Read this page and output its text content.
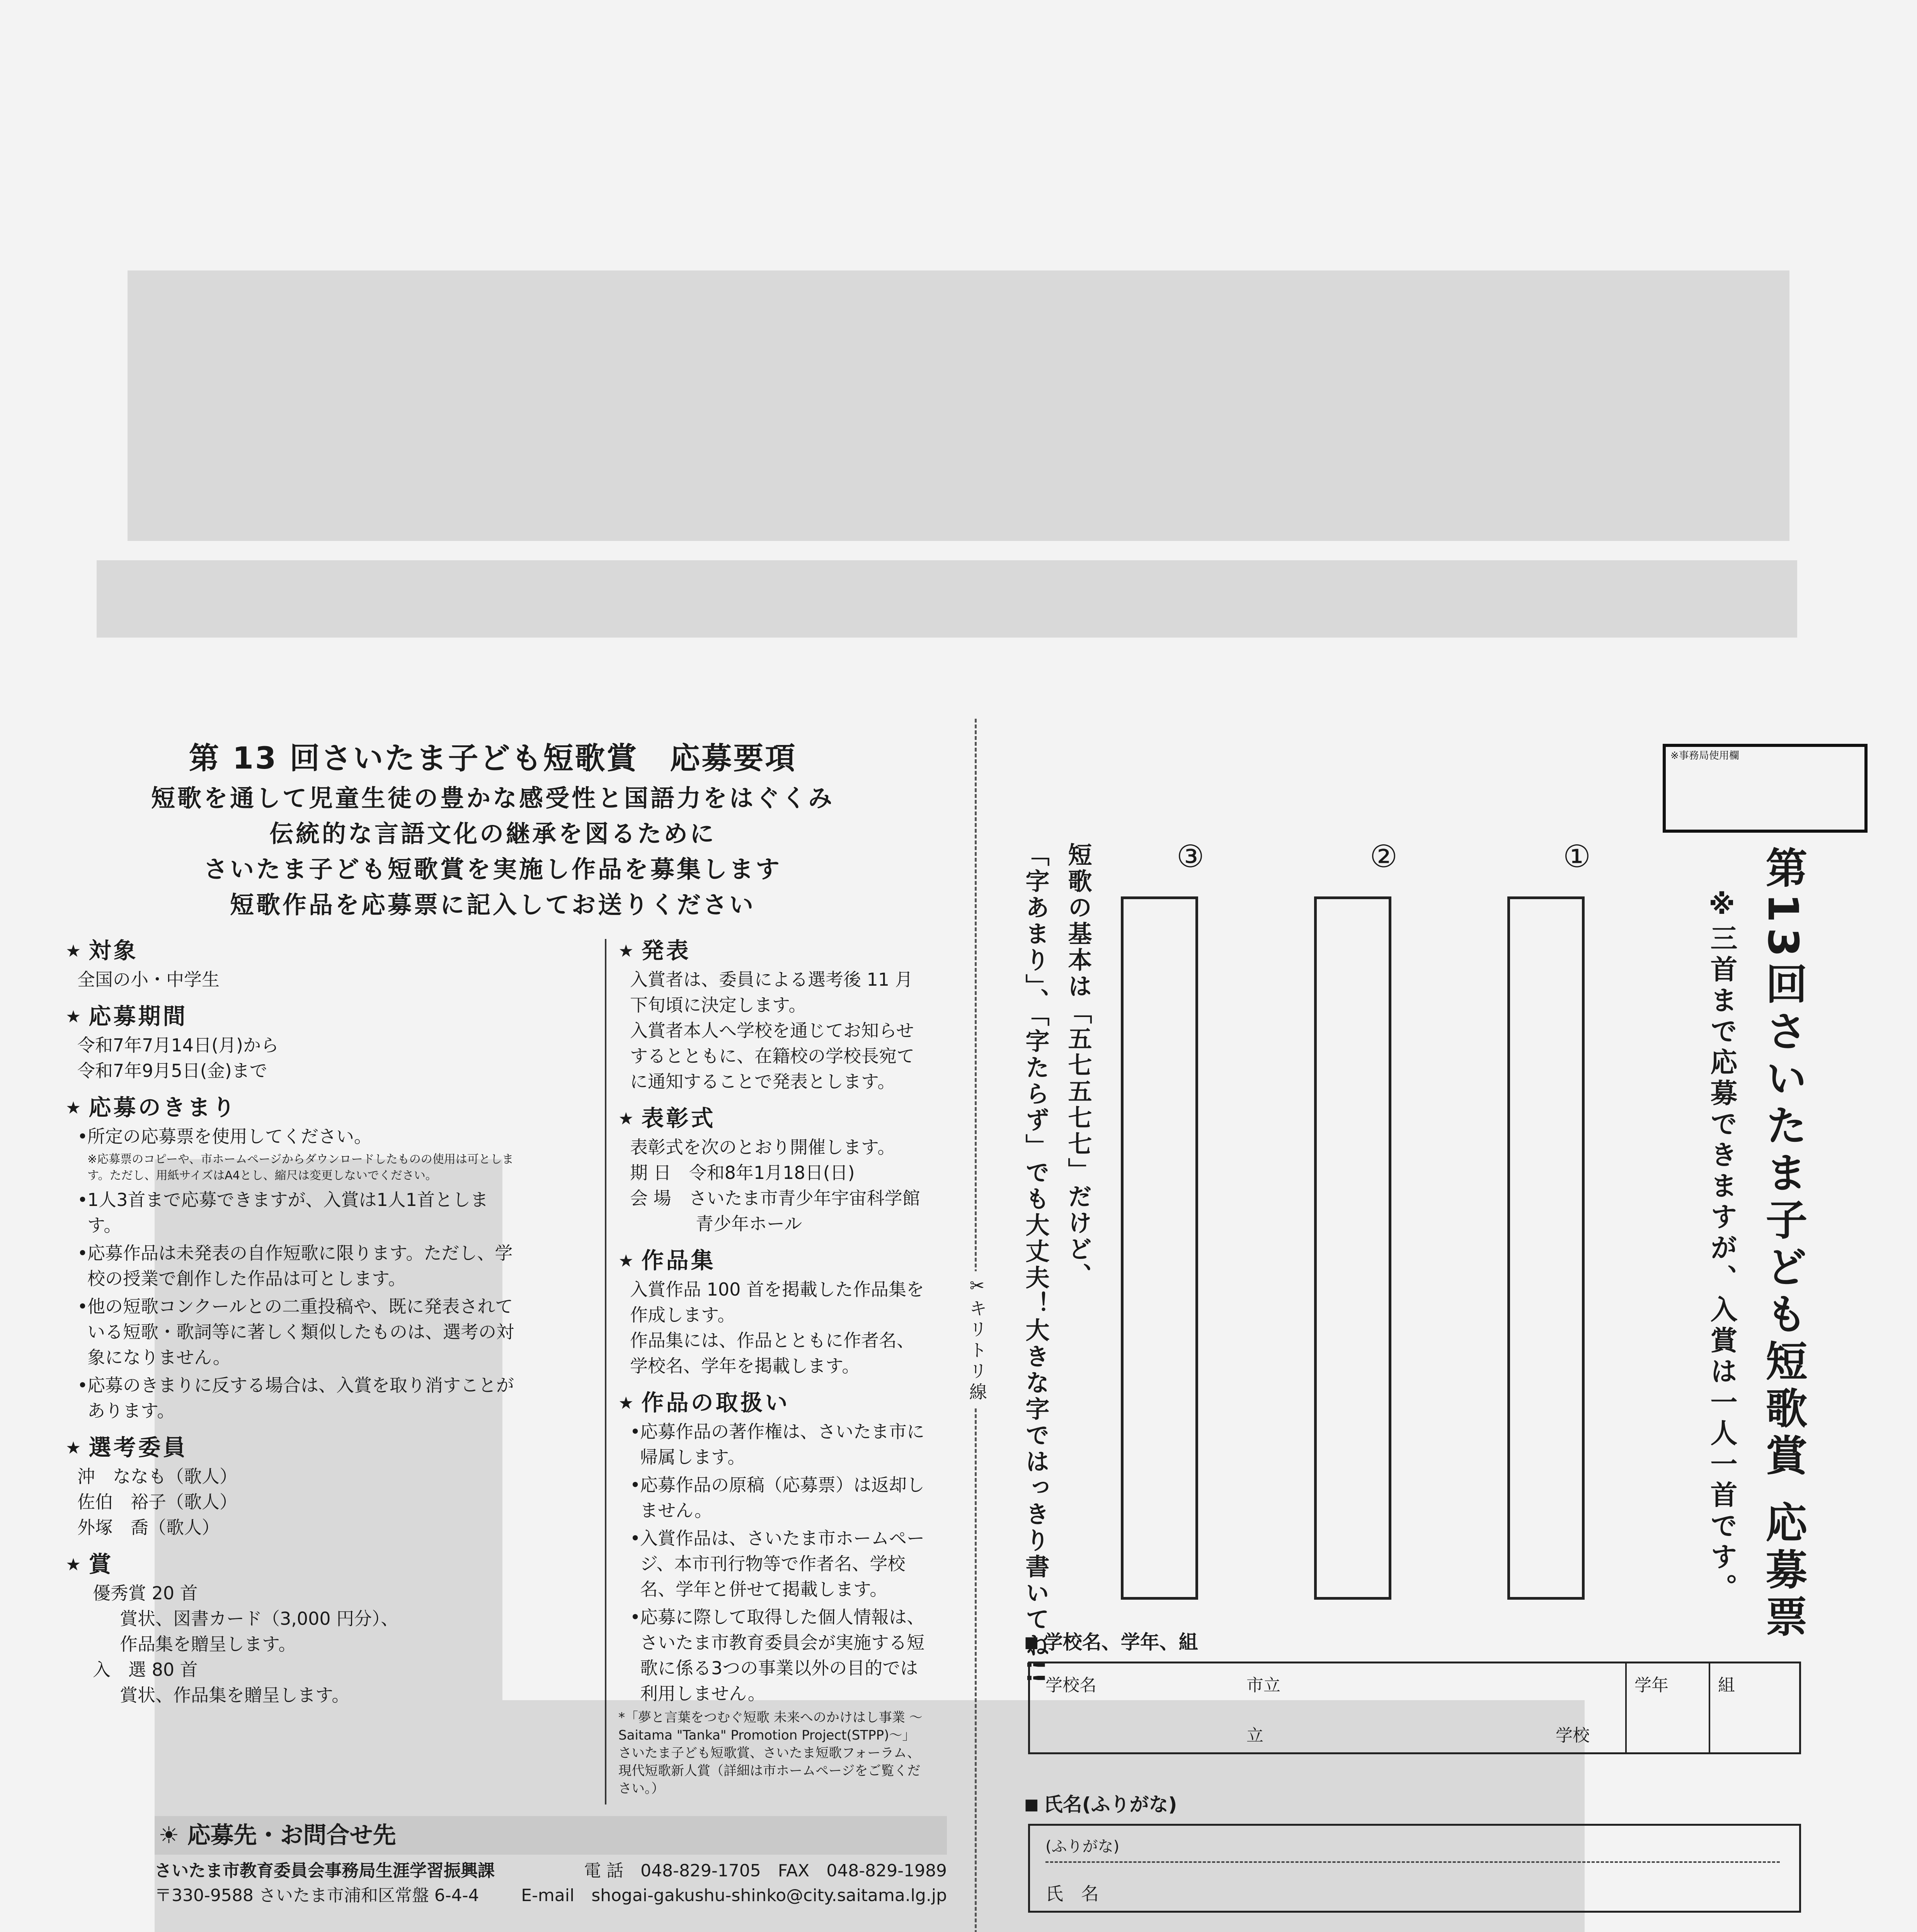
第 13 回さいたま子ども短歌賞　応募要項
短歌を通して児童生徒の豊かな感受性と国語力をはぐくみ
伝統的な言語文化の継承を図るために
さいたま子ども短歌賞を実施し作品を募集します
短歌作品を応募票に記入してお送りください
★ 対象
全国の小・中学生
★ 応募期間
令和7年7月14日(月)から
令和7年9月5日(金)まで
★ 応募のきまり
• 所定の応募票を使用してください。
※応募票のコピーや、市ホームページからダウンロードしたものの使用は可とします。ただし、用紙サイズはA4とし、縮尺は変更しないでください。
• 1人3首まで応募できますが、入賞は1人1首とします。
• 応募作品は未発表の自作短歌に限ります。ただし、学校の授業で創作した作品は可とします。
• 他の短歌コンクールとの二重投稿や、既に発表されている短歌・歌詞等に著しく類似したものは、選考の対象になりません。
• 応募のきまりに反する場合は、入賞を取り消すことがあります。
★ 選考委員
沖　ななも（歌人）
佐伯　裕子（歌人）
外塚　喬（歌人）
★ 賞
優秀賞 20 首
賞状、図書カード（3,000 円分）、
作品集を贈呈します。
入　選 80 首
賞状、作品集を贈呈します。
★ 発表
入賞者は、委員による選考後 11 月下旬頃に決定します。
入賞者本人へ学校を通じてお知らせするとともに、在籍校の学校長宛てに通知することで発表とします。
★ 表彰式
表彰式を次のとおり開催します。
期 日　 令和8年1月18日(日)
会 場　 さいたま市青少年宇宙科学館
青少年ホール
★ 作品集
入賞作品 100 首を掲載した作品集を作成します。
作品集には、作品とともに作者名、学校名、学年を掲載します。
★ 作品の取扱い
• 応募作品の著作権は、さいたま市に帰属します。
• 応募作品の原稿（応募票）は返却しません。
• 入賞作品は、さいたま市ホームページ、本市刊行物等で作者名、学校名、学年と併せて掲載します。
• 応募に際して取得した個人情報は、さいたま市教育委員会が実施する短歌に係る3つの事業以外の目的では利用しません。
*「夢と言葉をつむぐ短歌 未来へのかけはし事業 ～Saitama "Tanka" Promotion Project(STPP)～」さいたま子ども短歌賞、さいたま短歌フォーラム、現代短歌新人賞（詳細は市ホームページをご覧ください。）
☀ 応募先・お問合せ先
さいたま市教育委員会事務局生涯学習振興課	電 話　 048-829-1705　 FAX　 048-829-1989
〒330-9588 さいたま市浦和区常盤 6-4-4 E-mail　 shogai-gakushu-shinko@city.saitama.lg.jp
✂キリトリ線
※事務局使用欄
第13回さいたま子ども短歌賞 応募票
※三首まで応募できますが、入賞は一人一首です。
①
②
③
短歌の基本は「五七五七七」だけど、
「字あまり」、「字たらず」でも大丈夫！大きな字ではっきり書いてね!!
■ 学校名、学年、組
学校名	市立
立	学校
学年	組
■ 氏名(ふりがな)
(ふりがな)
氏　名
